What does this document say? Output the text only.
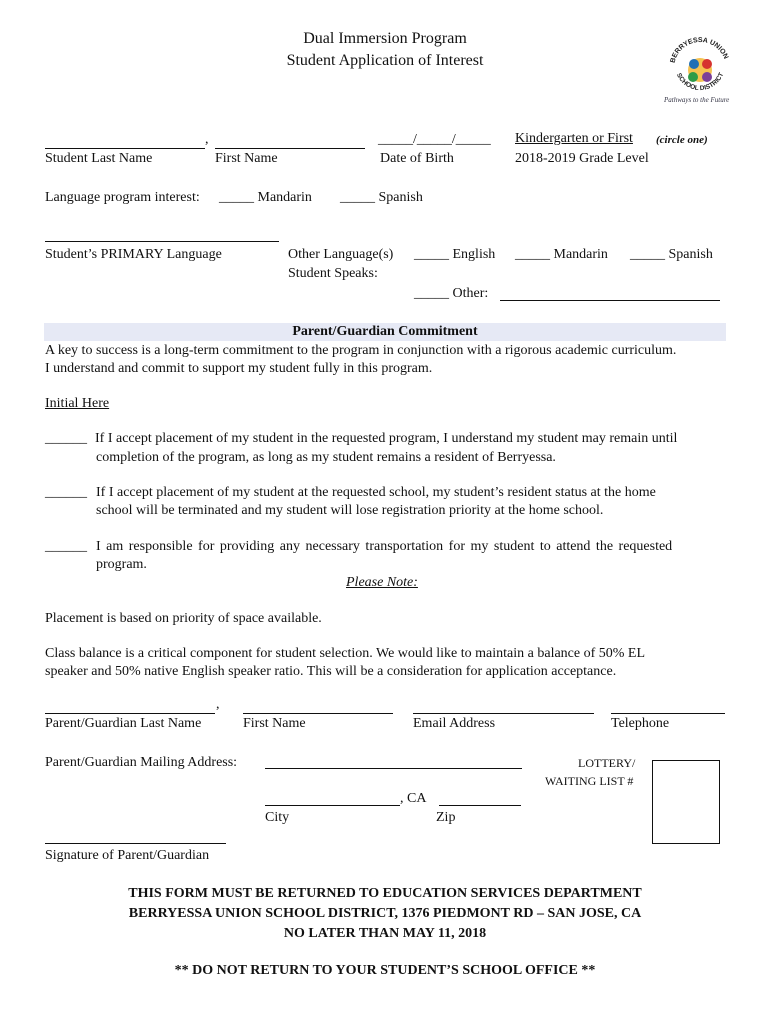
Dual Immersion Program
Student Application of Interest	BERRYESSA UNION
SCHOOL DISTRICT
Pathways to the Future
,	_____/_____/_____ Kindergarten or First (circle one)
Student Last Name	First Name	Date of Birth	2018-2019 Grade Level
Language program interest: _____ Mandarin _____ Spanish
Student’s PRIMARY Language	Other Language(s)
Student Speaks:
_____ English _____ Mandarin _____ Spanish
_____ Other:
Parent/Guardian Commitment
A key to success is a long-term commitment to the program in conjunction with a rigorous academic curriculum.
I understand and commit to support my student fully in this program.
Initial Here
______ If I accept placement of my student in the requested program, I understand my student may remain until
completion of the program, as long as my student remains a resident of Berryessa.
______ If I accept placement of my student at the requested school, my student’s resident status at the home
school will be terminated and my student will lose registration priority at the home school.
______ I am responsible for providing any necessary transportation for my student to attend the requested
program.
Please Note:
Placement is based on priority of space available.
Class balance is a critical component for student selection. We would like to maintain a balance of 50% EL
speaker and 50% native English speaker ratio. This will be a consideration for application acceptance.
,
Parent/Guardian Last Name	First Name	Email Address	Telephone
Parent/Guardian Mailing Address:	LOTTERY/
WAITING LIST #
, CA
City	Zip
Signature of Parent/Guardian
THIS FORM MUST BE RETURNED TO EDUCATION SERVICES DEPARTMENT
BERRYESSA UNION SCHOOL DISTRICT, 1376 PIEDMONT RD – SAN JOSE, CA
NO LATER THAN MAY 11, 2018
** DO NOT RETURN TO YOUR STUDENT’S SCHOOL OFFICE **
